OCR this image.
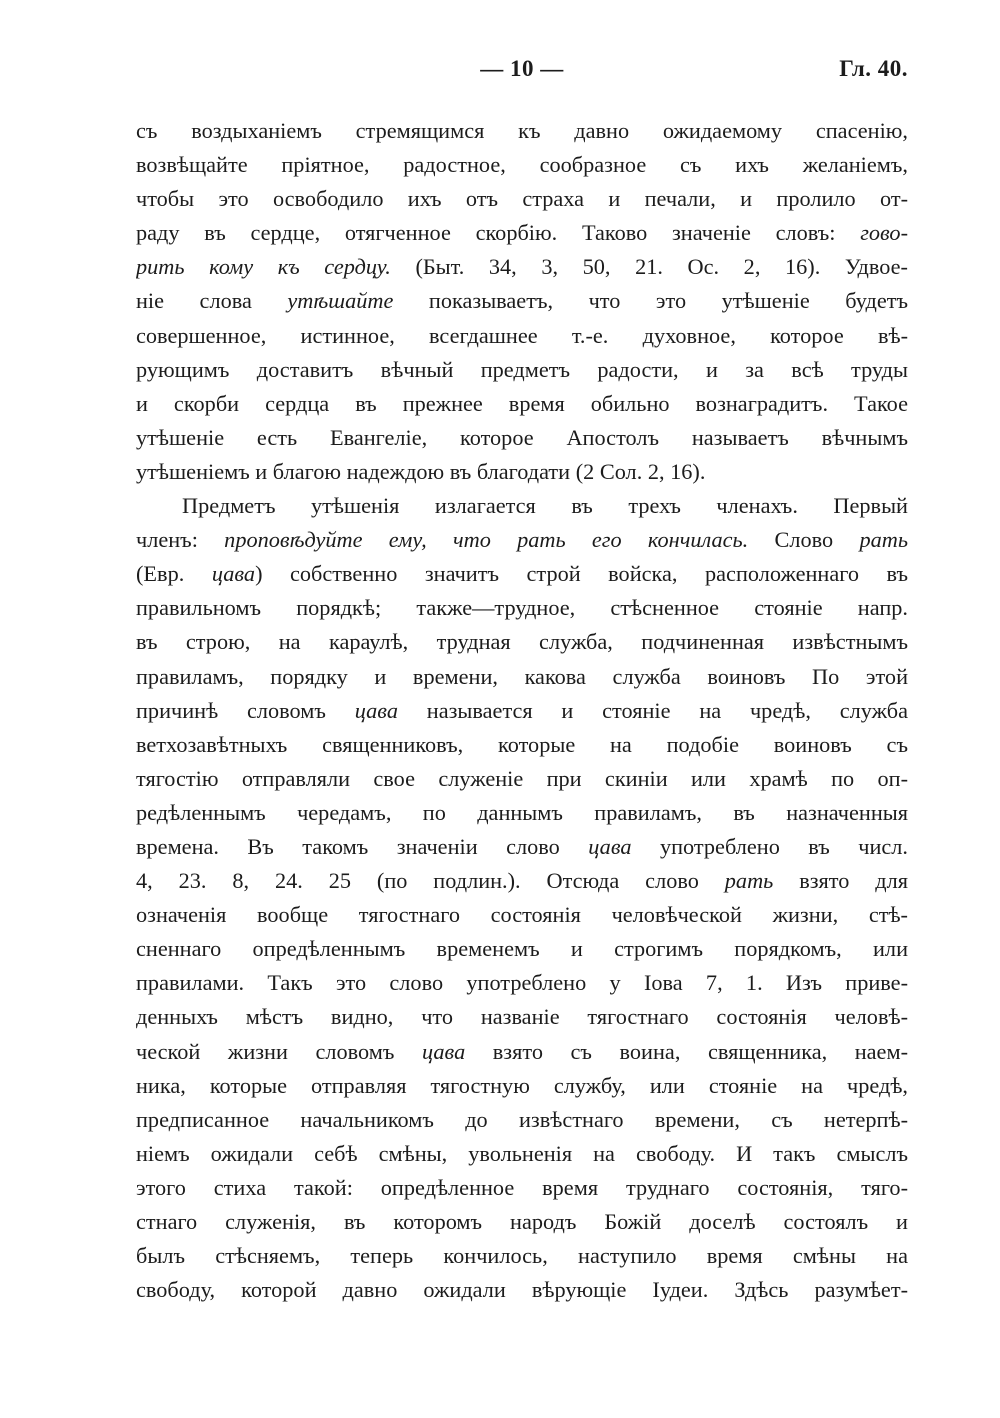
— 10 —	Гл. 40.
съ воздыханіемъ стремящимся къ давно ожидаемому спасенію,
возвѣщайте пріятное, радостное, сообразное съ ихъ желаніемъ,
чтобы это освободило ихъ отъ страха и печали, и пролило от-
раду въ сердце, отягченное скорбію. Таково значеніе словъ: гово-
рить кому къ сердцу. (Быт. 34, 3, 50, 21. Ос. 2, 16). Удвое-
ніе слова утѣшайте показываетъ, что это утѣшеніе будетъ
совершенное, истинное, всегдашнее т.-е. духовное, которое вѣ-
рующимъ доставитъ вѣчный предметъ радости, и за всѣ труды
и скорби сердца въ прежнее время обильно вознаградитъ. Такое
утѣшеніе есть Евангеліе, которое Апостолъ называетъ вѣчнымъ
утѣшеніемъ и благою надеждою въ благодати (2 Сол. 2, 16).
Предметъ утѣшенія излагается въ трехъ членахъ. Первый
членъ: проповѣдуйте ему, что рать его кончилась. Слово рать
(Евр. цава) собственно значитъ строй войска, расположеннаго въ
правильномъ порядкѣ; также—трудное, стѣсненное стояніе напр.
въ строю, на караулѣ, трудная служба, подчиненная извѣстнымъ
правиламъ, порядку и времени, какова служба воиновъ По этой
причинѣ словомъ цава называется и стояніе на чредѣ, служба
ветхозавѣтныхъ священниковъ, которые на подобіе воиновъ съ
тягостію отправляли свое служеніе при скиніи или храмѣ по оп-
редѣленнымъ чередамъ, по даннымъ правиламъ, въ назначенныя
времена. Въ такомъ значеніи слово цава употреблено въ числ.
4, 23. 8, 24. 25 (по подлин.). Отсюда слово рать взято для
означенія вообще тягостнаго состоянія человѣческой жизни, стѣ-
сненнаго опредѣленнымъ временемъ и строгимъ порядкомъ, или
правилами. Такъ это слово употреблено у Іова 7, 1. Изъ приве-
денныхъ мѣстъ видно, что названіе тягостнаго состоянія человѣ-
ческой жизни словомъ цава взято съ воина, священника, наем-
ника, которые отправляя тягостную службу, или стояніе на чредѣ,
предписанное начальникомъ до извѣстнаго времени, съ нетерпѣ-
ніемъ ожидали себѣ смѣны, увольненія на свободу. И такъ смыслъ
этого стиха такой: опредѣленное время труднаго состоянія, тяго-
стнаго служенія, въ которомъ народъ Божій доселѣ состоялъ и
былъ стѣсняемъ, теперь кончилось, наступило время смѣны на
свободу, которой давно ожидали вѣрующіе Іудеи. Здѣсь разумѣет-
